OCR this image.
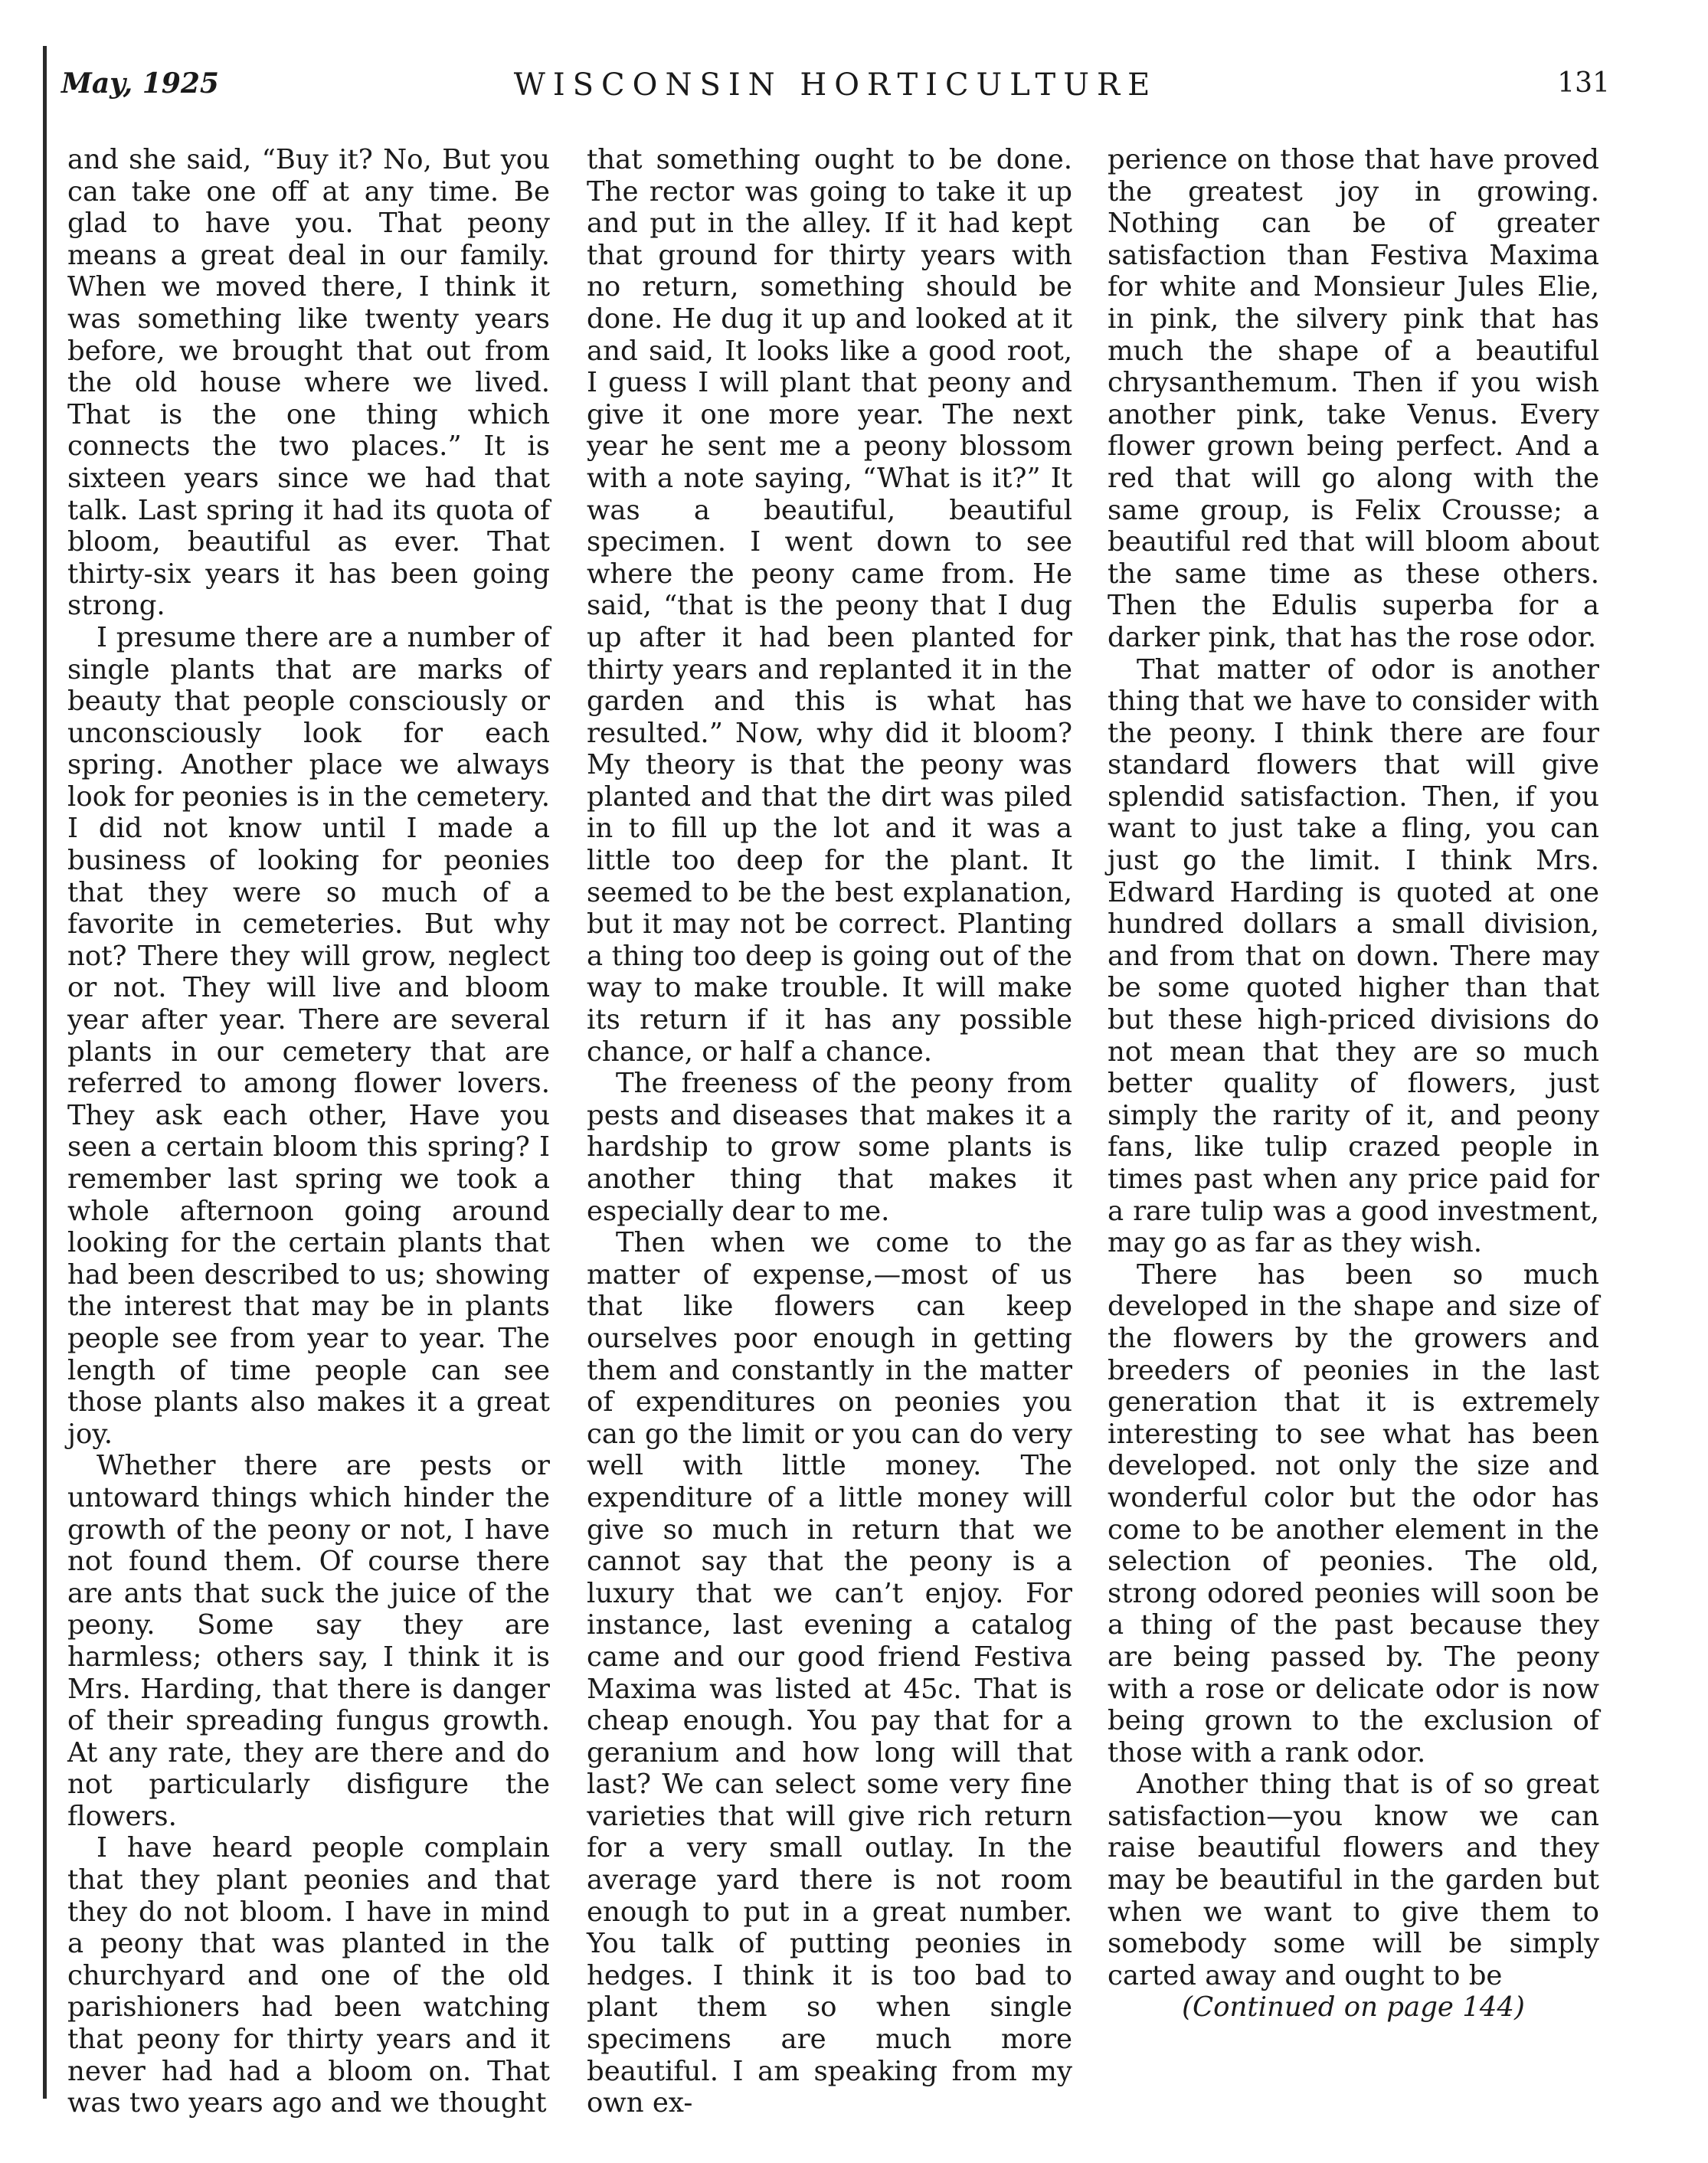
May, 1925	WISCONSIN HORTICULTURE	131

and she said, “Buy it? No, But you can take one off at any time. Be glad to have you. That peony means a great deal in our family. When we moved there, I think it was something like twenty years before, we brought that out from the old house where we lived. That is the one thing which connects the two places.” It is sixteen years since we had that talk. Last spring it had its quota of bloom, beautiful as ever. That thirty-six years it has been going strong.

I presume there are a number of single plants that are marks of beauty that people consciously or unconsciously look for each spring. Another place we always look for peonies is in the cemetery. I did not know until I made a business of looking for peonies that they were so much of a favorite in cemeteries. But why not? There they will grow, neglect or not. They will live and bloom year after year. There are several plants in our cemetery that are referred to among flower lovers. They ask each other, Have you seen a certain bloom this spring? I remember last spring we took a whole afternoon going around looking for the certain plants that had been described to us; showing the interest that may be in plants people see from year to year. The length of time people can see those plants also makes it a great joy.

Whether there are pests or untoward things which hinder the growth of the peony or not, I have not found them. Of course there are ants that suck the juice of the peony. Some say they are harmless; others say, I think it is Mrs. Harding, that there is danger of their spreading fungus growth. At any rate, they are there and do not particularly disfigure the flowers.

I have heard people complain that they plant peonies and that they do not bloom. I have in mind a peony that was planted in the churchyard and one of the old parishioners had been watching that peony for thirty years and it never had had a bloom on. That was two years ago and we thought

that something ought to be done. The rector was going to take it up and put in the alley. If it had kept that ground for thirty years with no return, something should be done. He dug it up and looked at it and said, It looks like a good root, I guess I will plant that peony and give it one more year. The next year he sent me a peony blossom with a note saying, “What is it?” It was a beautiful, beautiful specimen. I went down to see where the peony came from. He said, “that is the peony that I dug up after it had been planted for thirty years and replanted it in the garden and this is what has resulted.” Now, why did it bloom? My theory is that the peony was planted and that the dirt was piled in to fill up the lot and it was a little too deep for the plant. It seemed to be the best explanation, but it may not be correct. Planting a thing too deep is going out of the way to make trouble. It will make its return if it has any possible chance, or half a chance.

The freeness of the peony from pests and diseases that makes it a hardship to grow some plants is another thing that makes it especially dear to me.

Then when we come to the matter of expense,—most of us that like flowers can keep ourselves poor enough in getting them and constantly in the matter of expenditures on peonies you can go the limit or you can do very well with little money. The expenditure of a little money will give so much in return that we cannot say that the peony is a luxury that we can’t enjoy. For instance, last evening a catalog came and our good friend Festiva Maxima was listed at 45c. That is cheap enough. You pay that for a geranium and how long will that last? We can select some very fine varieties that will give rich return for a very small outlay. In the average yard there is not room enough to put in a great number. You talk of putting peonies in hedges. I think it is too bad to plant them so when single specimens are much more beautiful. I am speaking from my own ex-

perience on those that have proved the greatest joy in growing. Nothing can be of greater satisfaction than Festiva Maxima for white and Monsieur Jules Elie, in pink, the silvery pink that has much the shape of a beautiful chrysanthemum. Then if you wish another pink, take Venus. Every flower grown being perfect. And a red that will go along with the same group, is Felix Crousse; a beautiful red that will bloom about the same time as these others. Then the Edulis superba for a darker pink, that has the rose odor.

That matter of odor is another thing that we have to consider with the peony. I think there are four standard flowers that will give splendid satisfaction. Then, if you want to just take a fling, you can just go the limit. I think Mrs. Edward Harding is quoted at one hundred dollars a small division, and from that on down. There may be some quoted higher than that but these high-priced divisions do not mean that they are so much better quality of flowers, just simply the rarity of it, and peony fans, like tulip crazed people in times past when any price paid for a rare tulip was a good investment, may go as far as they wish.

There has been so much developed in the shape and size of the flowers by the growers and breeders of peonies in the last generation that it is extremely interesting to see what has been developed. not only the size and wonderful color but the odor has come to be another element in the selection of peonies. The old, strong odored peonies will soon be a thing of the past because they are being passed by. The peony with a rose or delicate odor is now being grown to the exclusion of those with a rank odor.

Another thing that is of so great satisfaction—you know we can raise beautiful flowers and they may be beautiful in the garden but when we want to give them to somebody some will be simply carted away and ought to be

(Continued on page 144)
